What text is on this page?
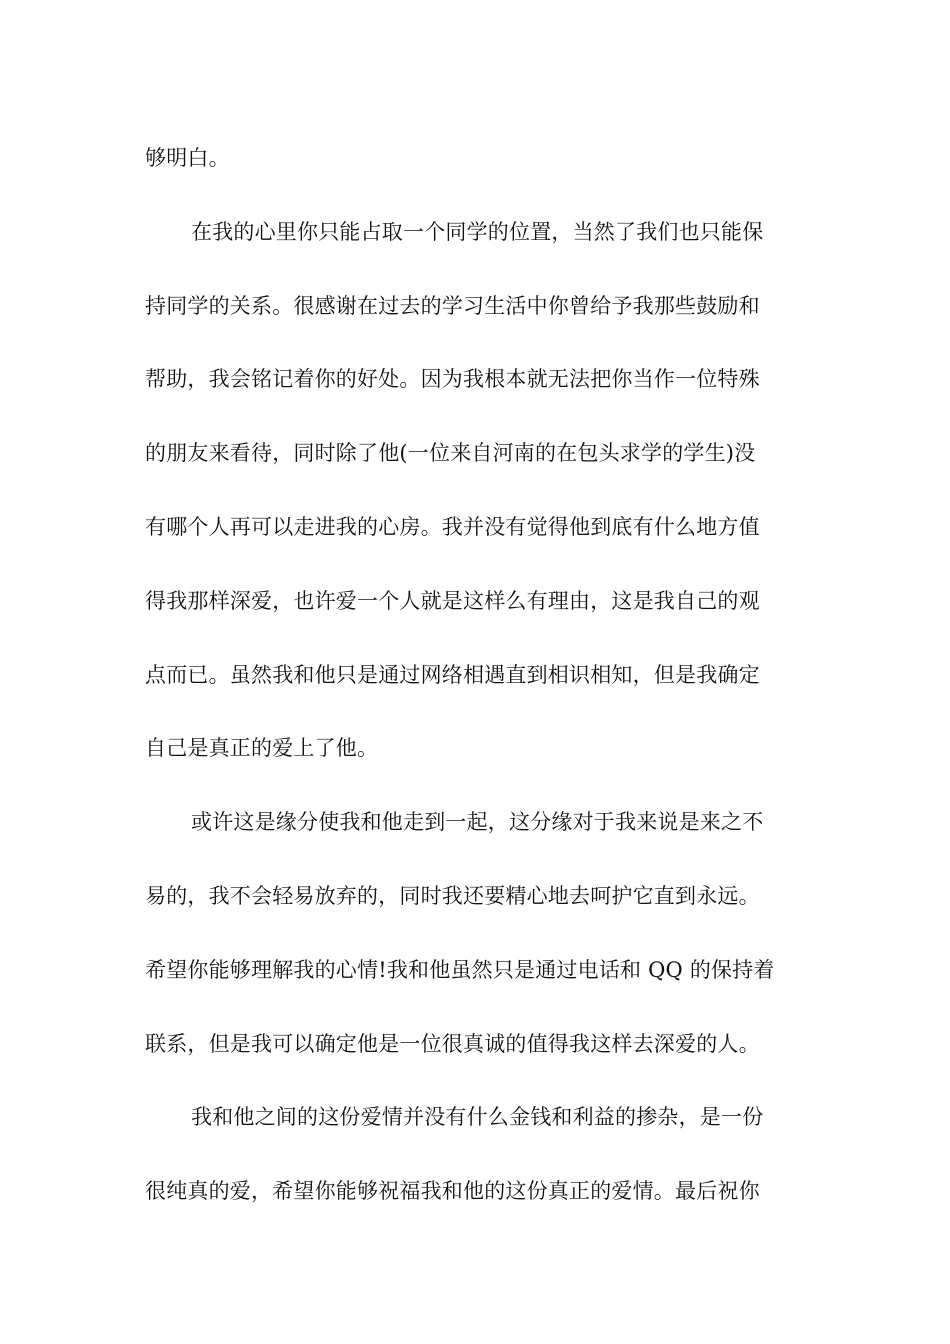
够明白。
在我的心里你只能占取一个同学的位置，当然了我们也只能保
持同学的关系。很感谢在过去的学习生活中你曾给予我那些鼓励和
帮助，我会铭记着你的好处。因为我根本就无法把你当作一位特殊
的朋友来看待，同时除了他(一位来自河南的在包头求学的学生)没
有哪个人再可以走进我的心房。我并没有觉得他到底有什么地方值
得我那样深爱，也许爱一个人就是这样么有理由，这是我自己的观
点而已。虽然我和他只是通过网络相遇直到相识相知，但是我确定
自己是真正的爱上了他。
或许这是缘分使我和他走到一起，这分缘对于我来说是来之不
易的，我不会轻易放弃的，同时我还要精心地去呵护它直到永远。
希望你能够理解我的心情!我和他虽然只是通过电话和 QQ 的保持着
联系，但是我可以确定他是一位很真诚的值得我这样去深爱的人。
我和他之间的这份爱情并没有什么金钱和利益的掺杂，是一份
很纯真的爱，希望你能够祝福我和他的这份真正的爱情。最后祝你
